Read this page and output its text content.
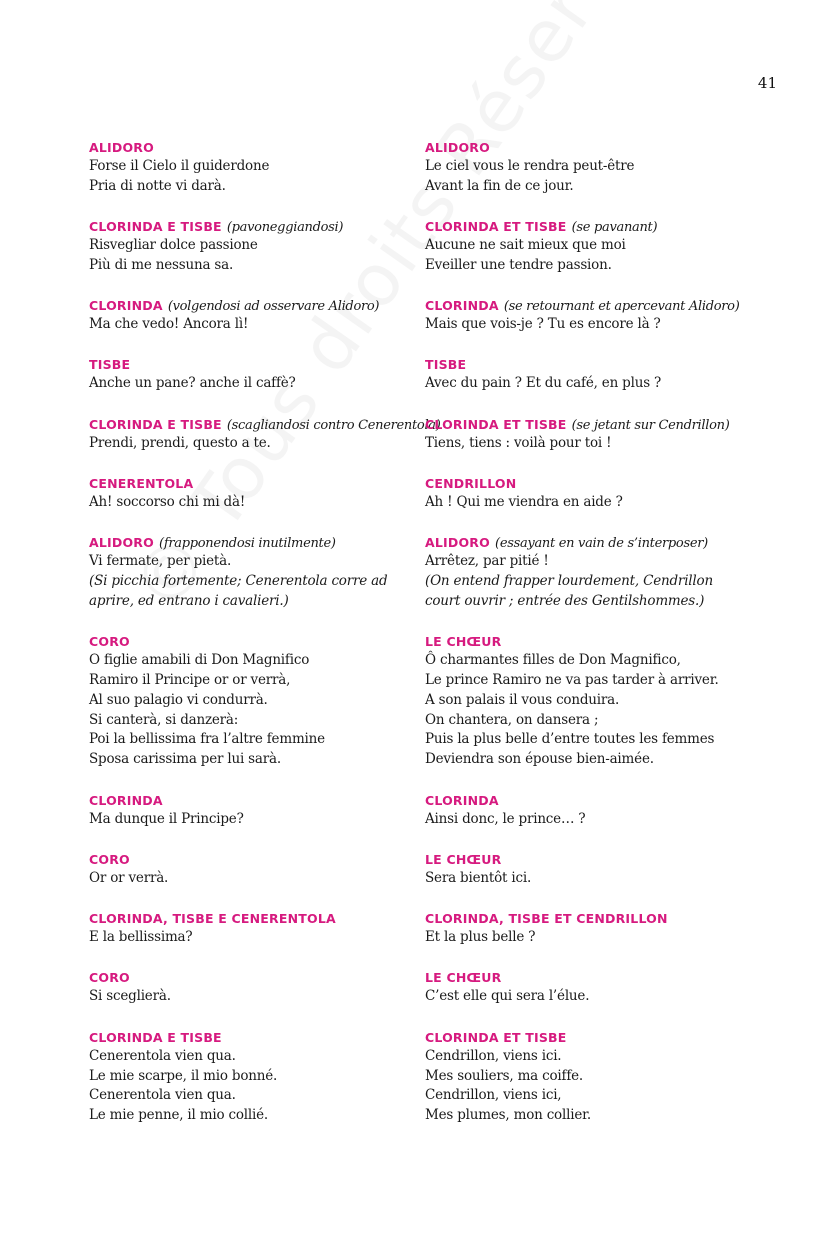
41
ALIDORO
Forse il Cielo il guiderdone
Pria di notte vi darà.
CLORINDA E TISBE (pavoneggiandosi)
Risvegliar dolce passione
Più di me nessuna sa.
CLORINDA (volgendosi ad osservare Alidoro)
Ma che vedo! Ancora lì!
TISBE
Anche un pane? anche il caffè?
CLORINDA E TISBE (scagliandosi contro Cenerentola)
Prendi, prendi, questo a te.
CENERENTOLA
Ah! soccorso chi mi dà!
ALIDORO (frapponendosi inutilmente)
Vi fermate, per pietà.
(Si picchia fortemente; Cenerentola corre ad
aprire, ed entrano i cavalieri.)
CORO
O figlie amabili di Don Magnifico
Ramiro il Principe or or verrà,
Al suo palagio vi condurrà.
Si canterà, si danzerà:
Poi la bellissima fra l’altre femmine
Sposa carissima per lui sarà.
CLORINDA
Ma dunque il Principe?
CORO
Or or verrà.
CLORINDA, TISBE E CENERENTOLA
E la bellissima?
CORO
Si sceglierà.
CLORINDA E TISBE
Cenerentola vien qua.
Le mie scarpe, il mio bonné.
Cenerentola vien qua.
Le mie penne, il mio collié.
ALIDORO
Le ciel vous le rendra peut-être
Avant la fin de ce jour.
CLORINDA ET TISBE (se pavanant)
Aucune ne sait mieux que moi
Eveiller une tendre passion.
CLORINDA (se retournant et apercevant Alidoro)
Mais que vois-je ? Tu es encore là ?
TISBE
Avec du pain ? Et du café, en plus ?
CLORINDA ET TISBE (se jetant sur Cendrillon)
Tiens, tiens : voilà pour toi !
CENDRILLON
Ah ! Qui me viendra en aide ?
ALIDORO (essayant en vain de s’interposer)
Arrêtez, par pitié !
(On entend frapper lourdement, Cendrillon
court ouvrir ; entrée des Gentilshommes.)
LE CHŒUR
Ô charmantes filles de Don Magnifico,
Le prince Ramiro ne va pas tarder à arriver.
A son palais il vous conduira.
On chantera, on dansera ;
Puis la plus belle d’entre toutes les femmes
Deviendra son épouse bien-aimée.
CLORINDA
Ainsi donc, le prince… ?
LE CHŒUR
Sera bientôt ici.
CLORINDA, TISBE ET CENDRILLON
Et la plus belle ?
LE CHŒUR
C’est elle qui sera l’élue.
CLORINDA ET TISBE
Cendrillon, viens ici.
Mes souliers, ma coiffe.
Cendrillon, viens ici,
Mes plumes, mon collier.
